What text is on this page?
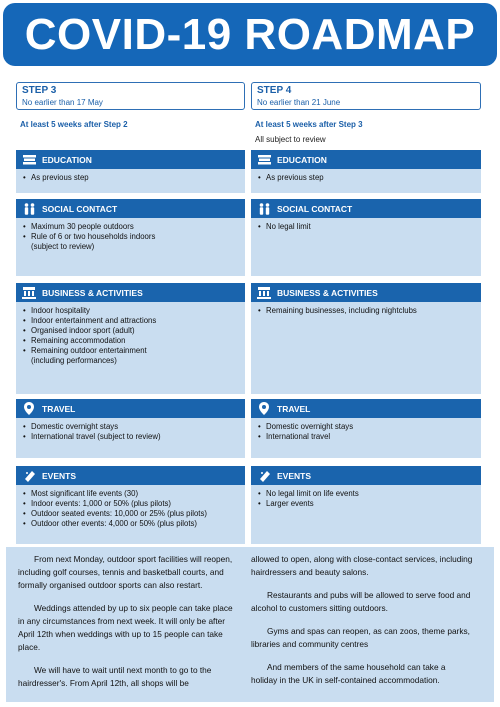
COVID-19 ROADMAP
STEP 3
No earlier than 17 May
At least 5 weeks after Step 2
STEP 4
No earlier than 21 June
At least 5 weeks after Step 3
All subject to review
EDUCATION
• As previous step
SOCIAL CONTACT
• Maximum 30 people outdoors
• Rule of 6 or two households indoors
(subject to review)
BUSINESS & ACTIVITIES
• Indoor hospitality
• Indoor entertainment and attractions
• Organised indoor sport (adult)
• Remaining accommodation
• Remaining outdoor entertainment
(including performances)
TRAVEL
• Domestic overnight stays
• International travel (subject to review)
EVENTS
• Most significant life events (30)
• Indoor events: 1,000 or 50% (plus pilots)
• Outdoor seated events: 10,000 or 25% (plus pilots)
• Outdoor other events: 4,000 or 50% (plus pilots)
EDUCATION
• As previous step
SOCIAL CONTACT
• No legal limit
BUSINESS & ACTIVITIES
• Remaining businesses, including nightclubs
TRAVEL
• Domestic overnight stays
• International travel
EVENTS
• No legal limit on life events
• Larger events

From next Monday, outdoor sport facilities will reopen, including golf courses, tennis and basketball courts, and formally organised outdoor sports can also restart.

Weddings attended by up to six people can take place in any circumstances from next week. It will only be after April 12th when weddings with up to 15 people can take place.

We will have to wait until next month to go to the hairdresser's. From April 12th, all shops will be

allowed to open, along with close-contact services, including hairdressers and beauty salons.

Restaurants and pubs will be allowed to serve food and alcohol to customers sitting outdoors.

Gyms and spas can reopen, as can zoos, theme parks, libraries and community centres

And members of the same household can take a holiday in the UK in self-contained accommodation.
